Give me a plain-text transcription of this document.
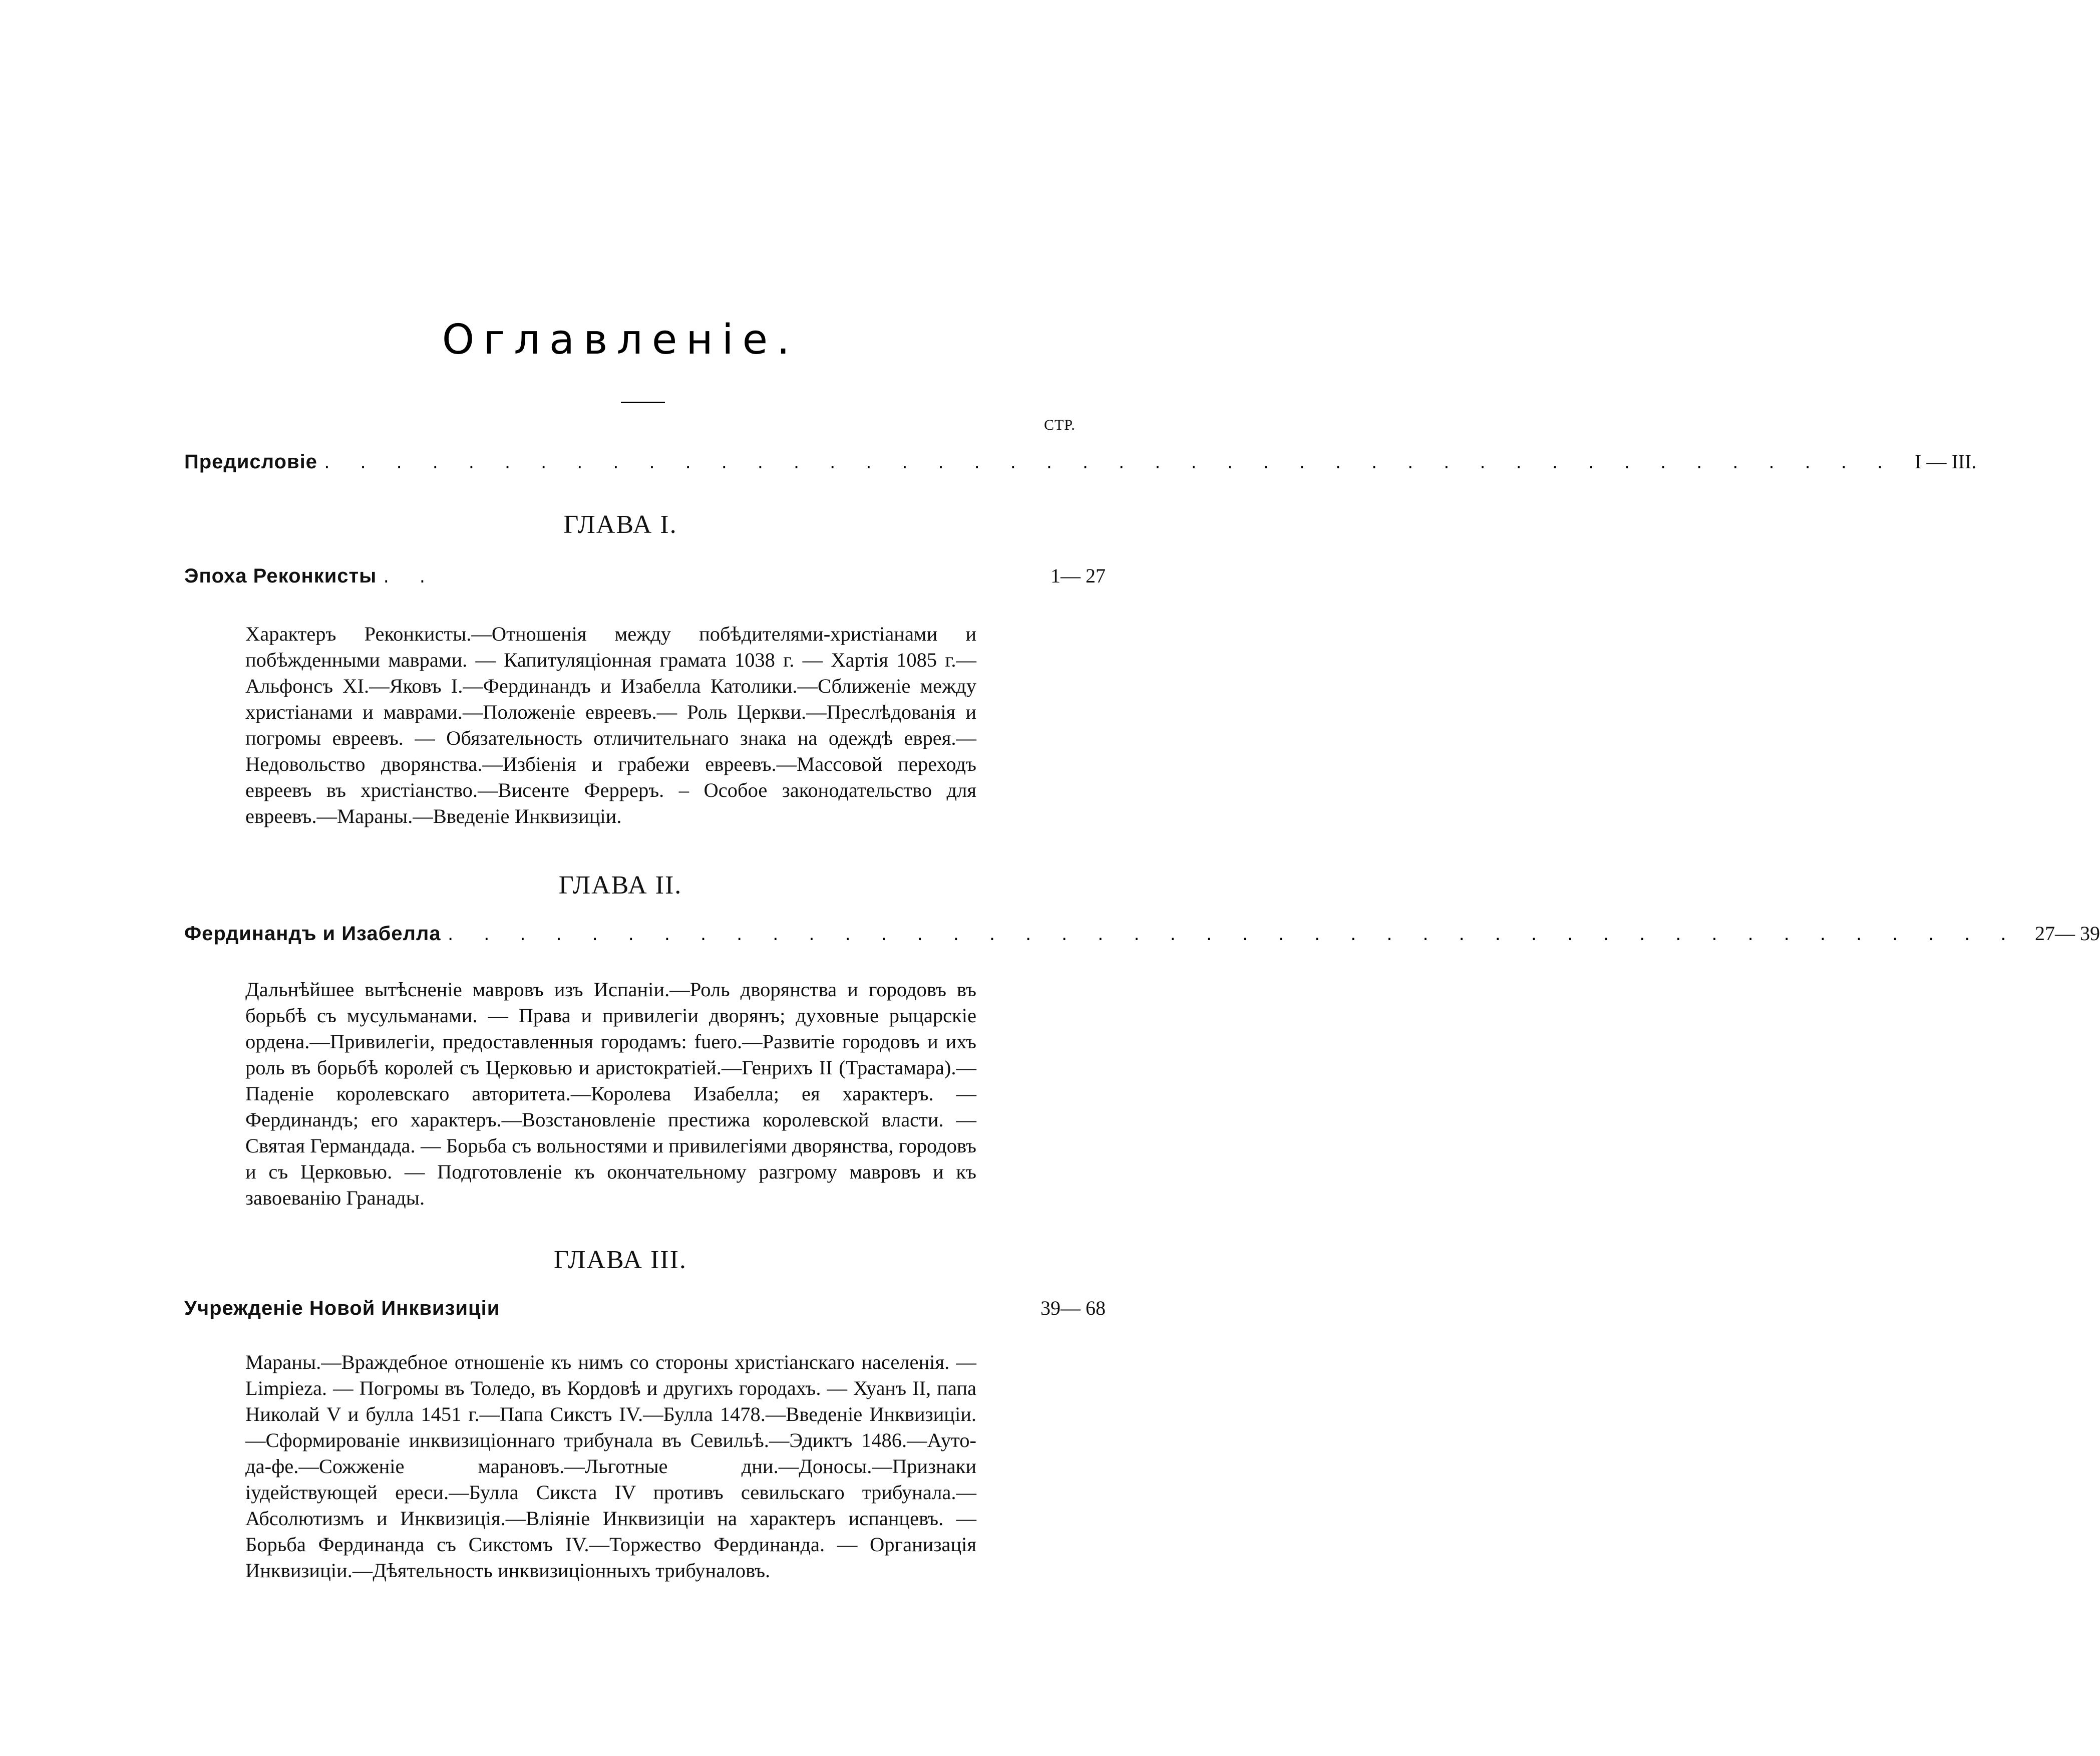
Оглавленіе.
СТР.
Предисловіе . . . . . . . . . . . . . . . . . . . . . . . . . . . . . . . . . . . . . . . . . . . .	I — III.
ГЛАВА I.
Эпоха Реконкисты . .	1— 27

Характеръ Реконкисты.—Отношенія между побѣдителями-христіанами и побѣжденными маврами. — Капитуляціонная грамата 1038 г. — Хартія 1085 г.—Альфонсъ XI.—Яковъ I.—Фердинандъ и Изабелла Католики.—Сближеніе между христіанами и маврами.—Положеніе евреевъ.— Роль Церкви.—Преслѣдованія и погромы евреевъ. — Обязательность отличительнаго знака на одеждѣ еврея.—Недовольство дворянства.—Избіенія и грабежи евреевъ.—Массовой переходъ евреевъ въ христіанство.—Висенте Ферреръ. – Особое законодательство для евреевъ.—Мараны.—Введеніе Инквизиціи.

ГЛАВА II.
Фердинандъ и Изабелла . . . . . . . . . . . . . . . . . . . . . . . . . . . . . . . . . . . . . . . . . . . . 27— 39

Дальнѣйшее вытѣсненіе мавровъ изъ Испаніи.—Роль дворянства и городовъ въ борьбѣ съ мусульманами. — Права и привилегіи дворянъ; духовные рыцарскіе ордена.—Привилегіи, предоставленныя городамъ: fuero.—Развитіе городовъ и ихъ роль въ борьбѣ королей съ Церковью и аристократіей.—Генрихъ II (Трастамара).—Паденіе королевскаго авторитета.—Королева Изабелла; ея характеръ. —Фердинандъ; его характеръ.—Возстановленіе престижа королевской власти. — Святая Германдада. — Борьба съ вольностями и привилегіями дворянства, городовъ и съ Церковью. — Подготовленіе къ окончательному разгрому мавровъ и къ завоеванію Гранады.

ГЛАВА III.
Учрежденіе Новой Инквизиціи	39— 68

Мараны.—Враждебное отношеніе къ нимъ со стороны христіанскаго населенія. — Limpieza. — Погромы въ Толедо, въ Кордовѣ и другихъ городахъ. — Хуанъ II, папа Николай V и булла 1451 г.—Папа Сикстъ IV.—Булла 1478.—Введеніе Инквизиціи.—Сформированіе инквизиціоннаго трибунала въ Севильѣ.—Эдиктъ 1486.—Ауто-да-фе.—Сожженіе марановъ.—Льготные дни.—Доносы.—Признаки іудействующей ереси.—Булла Сикста IV противъ севильскаго трибунала.—Абсолютизмъ и Инквизиція.—Вліяніе Инквизиціи на характеръ испанцевъ. — Борьба Фердинанда съ Сикстомъ IV.—Торжество Фердинанда. — Организація Инквизиціи.—Дѣятельность инквизиціонныхъ трибуналовъ.
